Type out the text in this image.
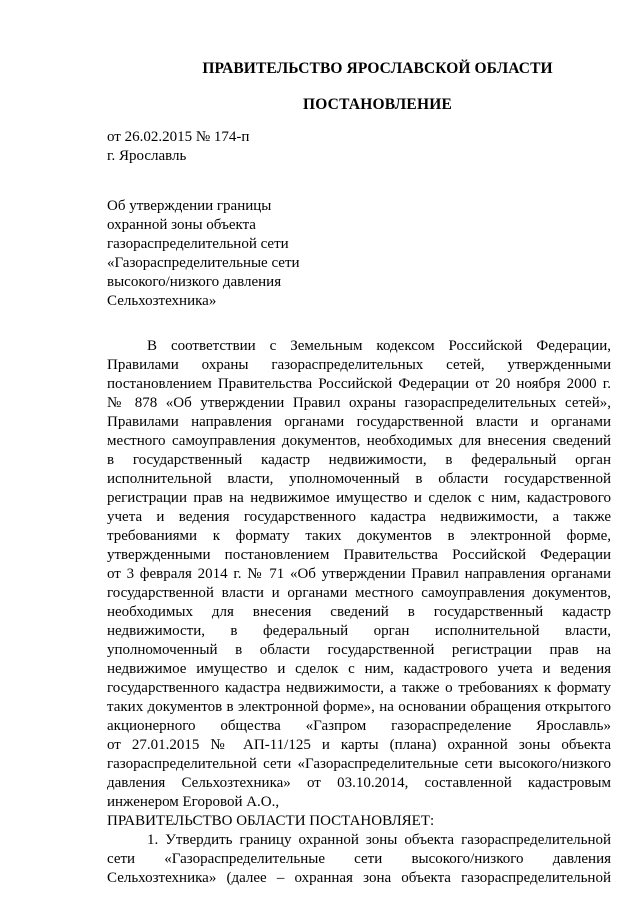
ПРАВИТЕЛЬСТВО ЯРОСЛАВСКОЙ ОБЛАСТИ
ПОСТАНОВЛЕНИЕ
от 26.02.2015 № 174-п
г. Ярославль
Об утверждении границы
охранной зоны объекта
газораспределительной сети
«Газораспределительные сети
высокого/низкого давления
Сельхозтехника»
В соответствии с Земельным кодексом Российской Федерации,
Правилами охраны газораспределительных сетей, утвержденными
постановлением Правительства Российской Федерации от 20 ноября 2000 г.
№ 878 «Об утверждении Правил охраны газораспределительных сетей»,
Правилами направления органами государственной власти и органами
местного самоуправления документов, необходимых для внесения сведений
в государственный кадастр недвижимости, в федеральный орган
исполнительной власти, уполномоченный в области государственной
регистрации прав на недвижимое имущество и сделок с ним, кадастрового
учета и ведения государственного кадастра недвижимости, а также
требованиями к формату таких документов в электронной форме,
утвержденными постановлением Правительства Российской Федерации
от 3 февраля 2014 г. № 71 «Об утверждении Правил направления органами
государственной власти и органами местного самоуправления документов,
необходимых для внесения сведений в государственный кадастр
недвижимости, в федеральный орган исполнительной власти,
уполномоченный в области государственной регистрации прав на
недвижимое имущество и сделок с ним, кадастрового учета и ведения
государственного кадастра недвижимости, а также о требованиях к формату
таких документов в электронной форме», на основании обращения открытого
акционерного общества «Газпром газораспределение Ярославль»
от 27.01.2015 № АП-11/125 и карты (плана) охранной зоны объекта
газораспределительной сети «Газораспределительные сети высокого/низкого
давления Сельхозтехника» от 03.10.2014, составленной кадастровым
инженером Егоровой А.О.,
ПРАВИТЕЛЬСТВО ОБЛАСТИ ПОСТАНОВЛЯЕТ:
1. Утвердить границу охранной зоны объекта газораспределительной
сети «Газораспределительные сети высокого/низкого давления
Сельхозтехника» (далее – охранная зона объекта газораспределительной
